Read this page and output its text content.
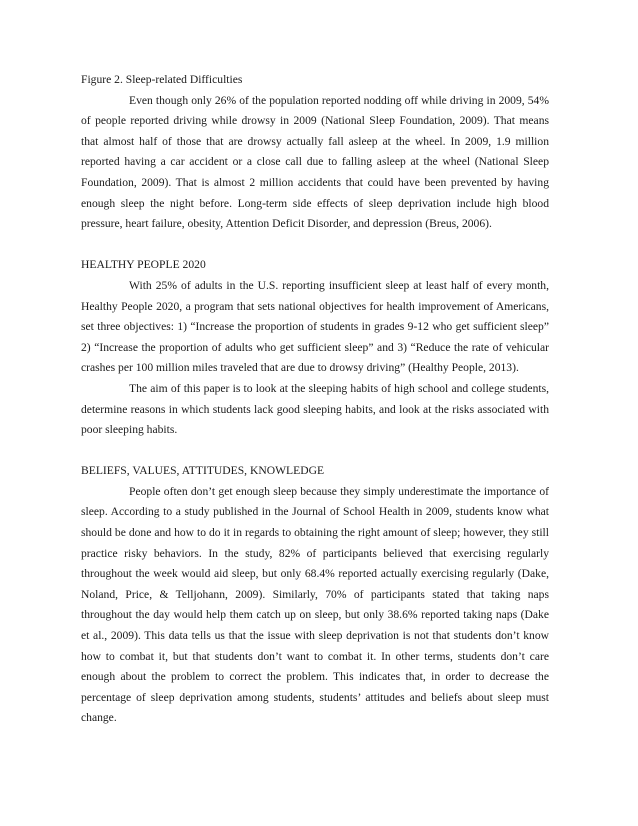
Figure 2. Sleep-related Difficulties

Even though only 26% of the population reported nodding off while driving in 2009, 54% of people reported driving while drowsy in 2009 (National Sleep Foundation, 2009). That means that almost half of those that are drowsy actually fall asleep at the wheel. In 2009, 1.9 million reported having a car accident or a close call due to falling asleep at the wheel (National Sleep Foundation, 2009). That is almost 2 million accidents that could have been prevented by having enough sleep the night before. Long-term side effects of sleep deprivation include high blood pressure, heart failure, obesity, Attention Deficit Disorder, and depression (Breus, 2006).

HEALTHY PEOPLE 2020

With 25% of adults in the U.S. reporting insufficient sleep at least half of every month, Healthy People 2020, a program that sets national objectives for health improvement of Americans, set three objectives: 1) “Increase the proportion of students in grades 9-12 who get sufficient sleep” 2) “Increase the proportion of adults who get sufficient sleep” and 3) “Reduce the rate of vehicular crashes per 100 million miles traveled that are due to drowsy driving” (Healthy People, 2013).

The aim of this paper is to look at the sleeping habits of high school and college students, determine reasons in which students lack good sleeping habits, and look at the risks associated with poor sleeping habits.

BELIEFS, VALUES, ATTITUDES, KNOWLEDGE

People often don’t get enough sleep because they simply underestimate the importance of sleep. According to a study published in the Journal of School Health in 2009, students know what should be done and how to do it in regards to obtaining the right amount of sleep; however, they still practice risky behaviors. In the study, 82% of participants believed that exercising regularly throughout the week would aid sleep, but only 68.4% reported actually exercising regularly (Dake, Noland, Price, & Telljohann, 2009). Similarly, 70% of participants stated that taking naps throughout the day would help them catch up on sleep, but only 38.6% reported taking naps (Dake et al., 2009). This data tells us that the issue with sleep deprivation is not that students don’t know how to combat it, but that students don’t want to combat it. In other terms, students don’t care enough about the problem to correct the problem. This indicates that, in order to decrease the percentage of sleep deprivation among students, students’ attitudes and beliefs about sleep must change.
